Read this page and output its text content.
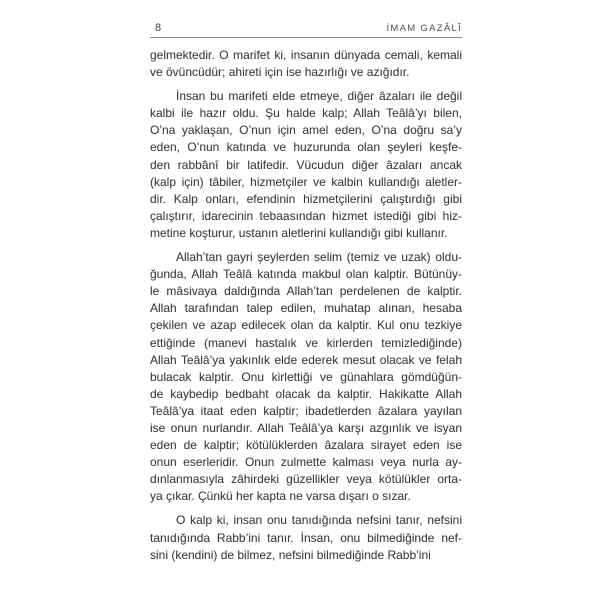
8	İMAM GAZÂLÎ

gelmektedir. O marifet ki, insanın dünyada cemali, kemali
ve övüncüdür; ahireti için ise hazırlığı ve azığıdır.

İnsan bu marifeti elde etmeye, diğer âzaları ile değil
kalbi ile hazır oldu. Şu halde kalp; Allah Teâlâ’yı bilen,
O’na yaklaşan, O’nun için amel eden, O’na doğru sa’y
eden, O’nun katında ve huzurunda olan şeyleri keşfe-
den rabbânî bir latifedir. Vücudun diğer âzaları ancak
(kalp için) tâbiler, hizmetçiler ve kalbin kullandığı aletler-
dir. Kalp onları, efendinin hizmetçilerini çalıştırdığı gibi
çalıştırır, idarecinin tebaasından hizmet istediği gibi hiz-
metine koşturur, ustanın aletlerini kullandığı gibi kullanır.

Allah’tan gayri şeylerden selim (temiz ve uzak) oldu-
ğunda, Allah Teâlâ katında makbul olan kalptir. Bütünüy-
le mâsivaya daldığında Allah’tan perdelenen de kalptir.
Allah tarafından talep edilen, muhatap alınan, hesaba
çekilen ve azap edilecek olan da kalptir. Kul onu tezkiye
ettiğinde (manevi hastalık ve kirlerden temizlediğinde)
Allah Teâlâ’ya yakınlık elde ederek mesut olacak ve felah
bulacak kalptir. Onu kirlettiği ve günahlara gömdüğün-
de kaybedip bedbaht olacak da kalptir. Hakikatte Allah
Teâlâ’ya itaat eden kalptir; ibadetlerden âzalara yayılan
ise onun nurlandır. Allah Teâlâ’ya karşı azgınlık ve isyan
eden de kalptir; kötülüklerden âzalara sirayet eden ise
onun eserleridir. Onun zulmette kalması veya nurla ay-
dınlanmasıyla zâhirdeki güzellikler veya kötülükler orta-
ya çıkar. Çünkü her kapta ne varsa dışarı o sızar.

O kalp ki, insan onu tanıdığında nefsini tanır, nefsini
tanıdığında Rabb’ini tanır. İnsan, onu bilmediğinde nef-
sini (kendini) de bilmez, nefsini bilmediğinde Rabb’ini
